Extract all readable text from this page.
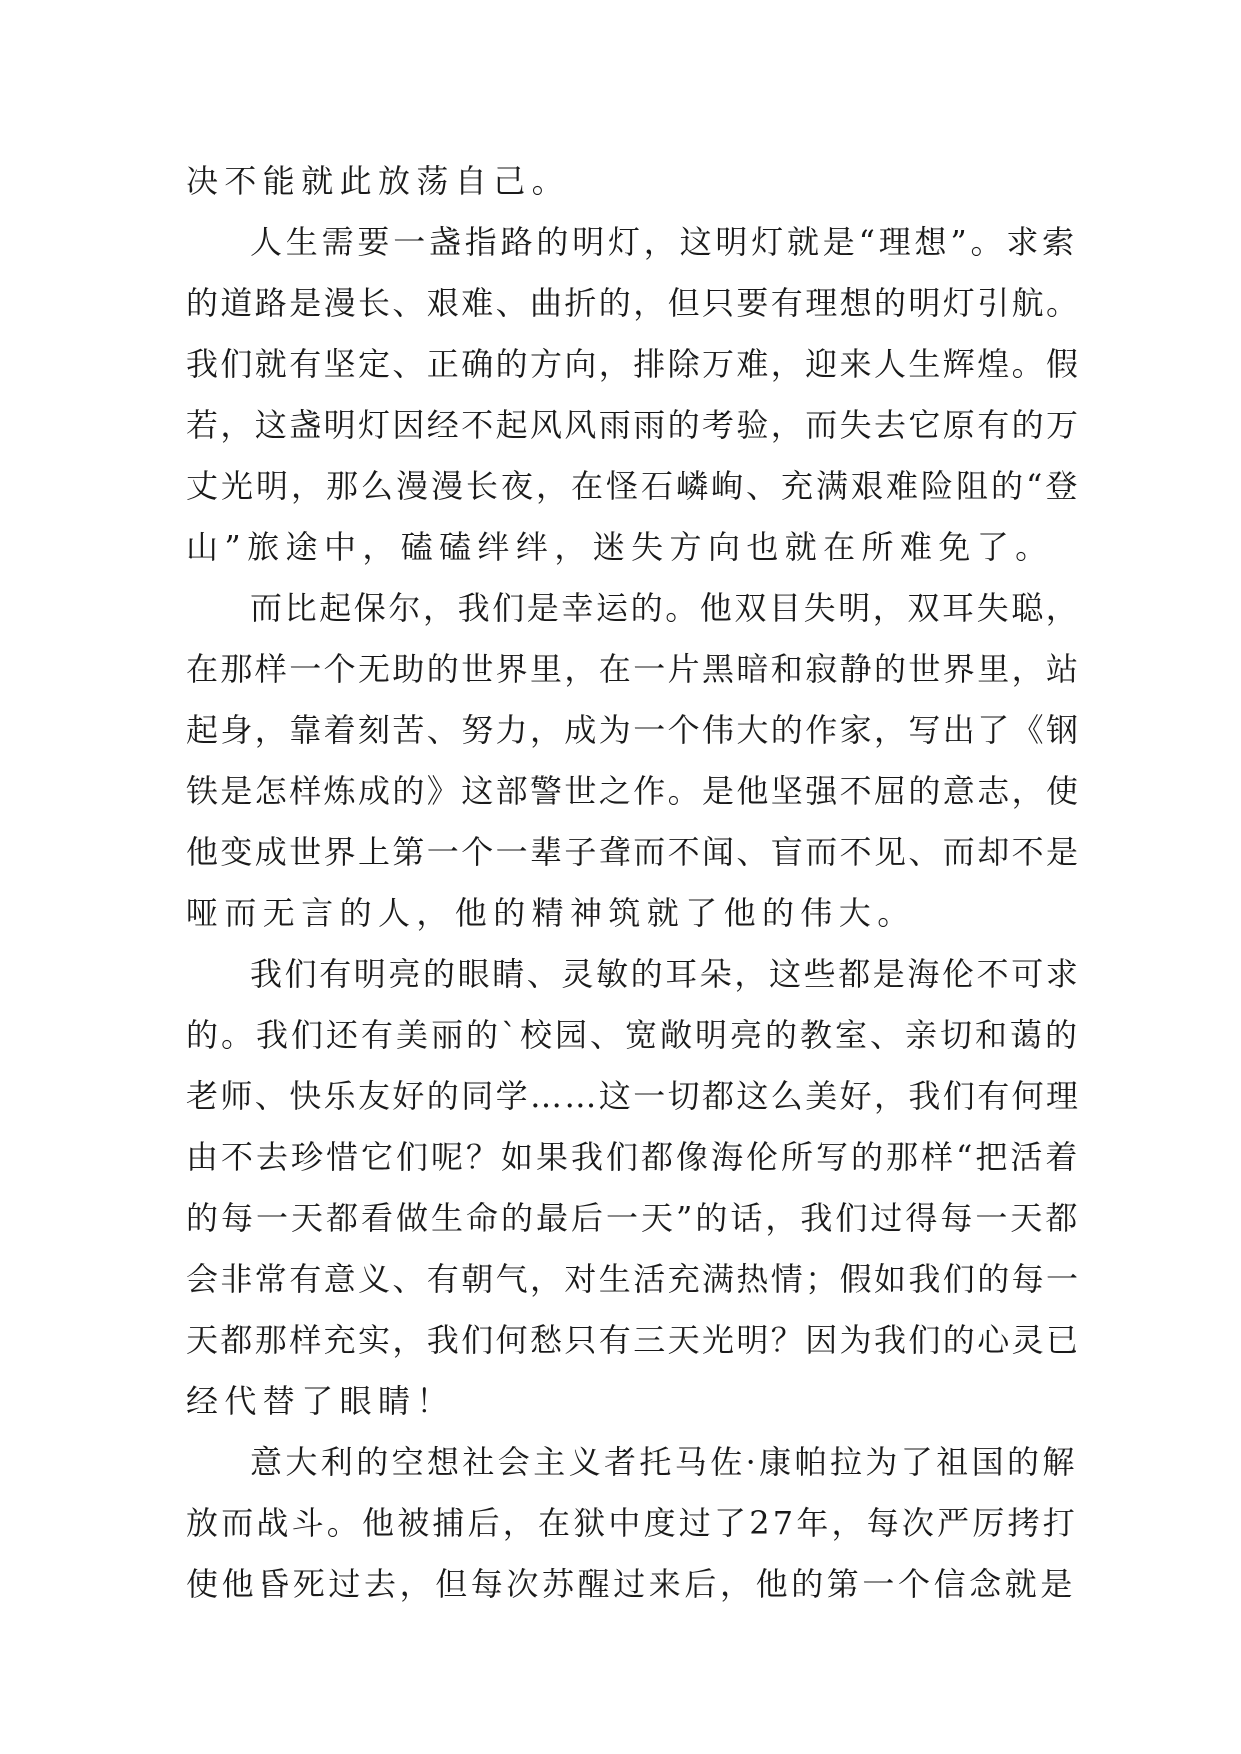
决不能就此放荡自己。
人生需要一盏指路的明灯，这明灯就是“理想”。求索
的道路是漫长、艰难、曲折的，但只要有理想的明灯引航。
我们就有坚定、正确的方向，排除万难，迎来人生辉煌。假
若，这盏明灯因经不起风风雨雨的考验，而失去它原有的万
丈光明，那么漫漫长夜，在怪石嶙峋、充满艰难险阻的“登
山”旅途中，磕磕绊绊，迷失方向也就在所难免了。
而比起保尔，我们是幸运的。他双目失明，双耳失聪，
在那样一个无助的世界里，在一片黑暗和寂静的世界里，站
起身，靠着刻苦、努力，成为一个伟大的作家，写出了《钢
铁是怎样炼成的》这部警世之作。是他坚强不屈的意志，使
他变成世界上第一个一辈子聋而不闻、盲而不见、而却不是
哑而无言的人，他的精神筑就了他的伟大。
我们有明亮的眼睛、灵敏的耳朵，这些都是海伦不可求
的。我们还有美丽的`校园、宽敞明亮的教室、亲切和蔼的
老师、快乐友好的同学……这一切都这么美好，我们有何理
由不去珍惜它们呢？如果我们都像海伦所写的那样“把活着
的每一天都看做生命的最后一天”的话，我们过得每一天都
会非常有意义、有朝气，对生活充满热情；假如我们的每一
天都那样充实，我们何愁只有三天光明？因为我们的心灵已
经代替了眼睛！
意大利的空想社会主义者托马佐·康帕拉为了祖国的解
放而战斗。他被捕后，在狱中度过了27年，每次严厉拷打
使他昏死过去，但每次苏醒过来后，他的第一个信念就是
